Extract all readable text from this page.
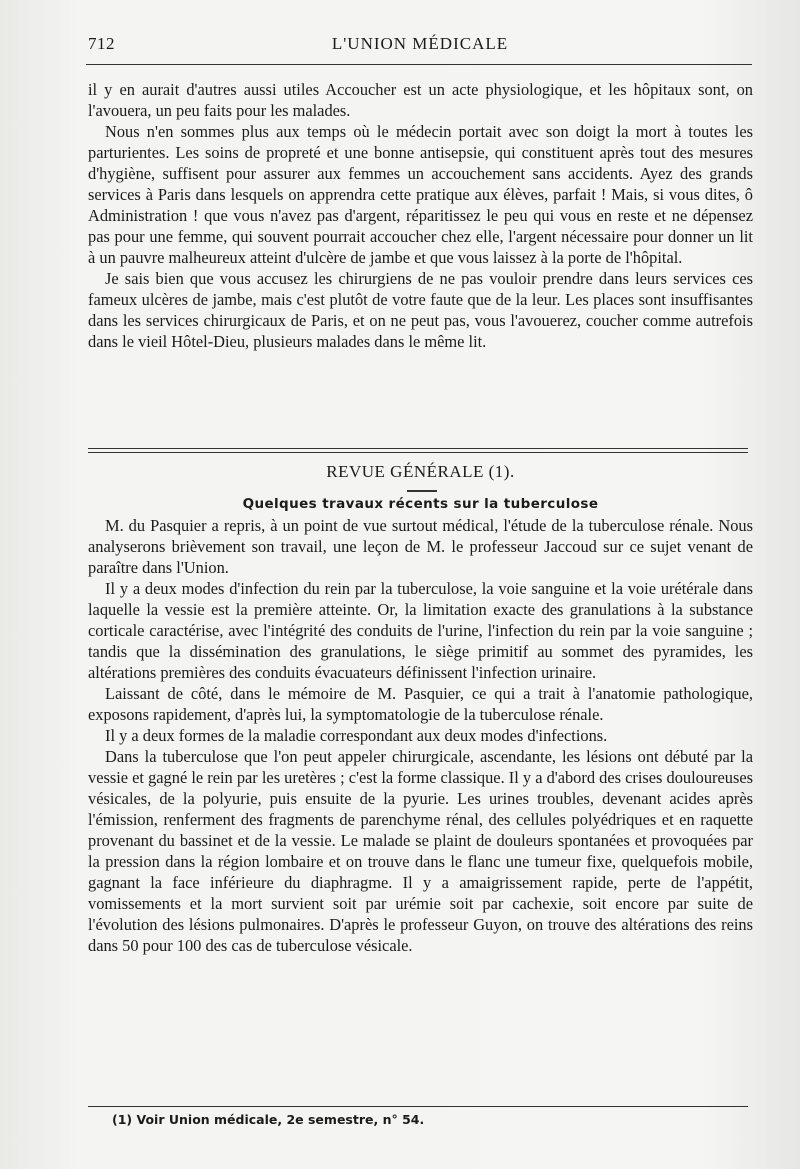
712	L'UNION MÉDICALE

il y en aurait d'autres aussi utiles Accoucher est un acte physiologique, et les hôpitaux sont, on l'avouera, un peu faits pour les malades.

Nous n'en sommes plus aux temps où le médecin portait avec son doigt la mort à toutes les parturientes. Les soins de propreté et une bonne antisepsie, qui constituent après tout des mesures d'hygiène, suffisent pour assurer aux femmes un accouchement sans accidents. Ayez des grands services à Paris dans lesquels on apprendra cette pratique aux élèves, parfait ! Mais, si vous dites, ô Administration ! que vous n'avez pas d'argent, réparitissez le peu qui vous en reste et ne dépensez pas pour une femme, qui souvent pourrait accoucher chez elle, l'argent nécessaire pour donner un lit à un pauvre malheureux atteint d'ulcère de jambe et que vous laissez à la porte de l'hôpital.

Je sais bien que vous accusez les chirurgiens de ne pas vouloir prendre dans leurs services ces fameux ulcères de jambe, mais c'est plutôt de votre faute que de la leur. Les places sont insuffisantes dans les services chirurgicaux de Paris, et on ne peut pas, vous l'avouerez, coucher comme autrefois dans le vieil Hôtel-Dieu, plusieurs malades dans le même lit.

REVUE GÉNÉRALE (1).
Quelques travaux récents sur la tuberculose

M. du Pasquier a repris, à un point de vue surtout médical, l'étude de la tuberculose rénale. Nous analyserons brièvement son travail, une leçon de M. le professeur Jaccoud sur ce sujet venant de paraître dans l'Union.

Il y a deux modes d'infection du rein par la tuberculose, la voie sanguine et la voie urétérale dans laquelle la vessie est la première atteinte. Or, la limitation exacte des granulations à la substance corticale caractérise, avec l'intégrité des conduits de l'urine, l'infection du rein par la voie sanguine ; tandis que la dissémination des granulations, le siège primitif au sommet des pyramides, les altérations premières des conduits évacuateurs définissent l'infection urinaire.

Laissant de côté, dans le mémoire de M. Pasquier, ce qui a trait à l'anatomie pathologique, exposons rapidement, d'après lui, la symptomatologie de la tuberculose rénale.

Il y a deux formes de la maladie correspondant aux deux modes d'infections.

Dans la tuberculose que l'on peut appeler chirurgicale, ascendante, les lésions ont débuté par la vessie et gagné le rein par les uretères ; c'est la forme classique. Il y a d'abord des crises douloureuses vésicales, de la polyurie, puis ensuite de la pyurie. Les urines troubles, devenant acides après l'émission, renferment des fragments de parenchyme rénal, des cellules polyédriques et en raquette provenant du bassinet et de la vessie. Le malade se plaint de douleurs spontanées et provoquées par la pression dans la région lombaire et on trouve dans le flanc une tumeur fixe, quelquefois mobile, gagnant la face inférieure du diaphragme. Il y a amaigrissement rapide, perte de l'appétit, vomissements et la mort survient soit par urémie soit par cachexie, soit encore par suite de l'évolution des lésions pulmonaires. D'après le professeur Guyon, on trouve des altérations des reins dans 50 pour 100 des cas de tuberculose vésicale.

(1) Voir Union médicale, 2e semestre, n° 54.
